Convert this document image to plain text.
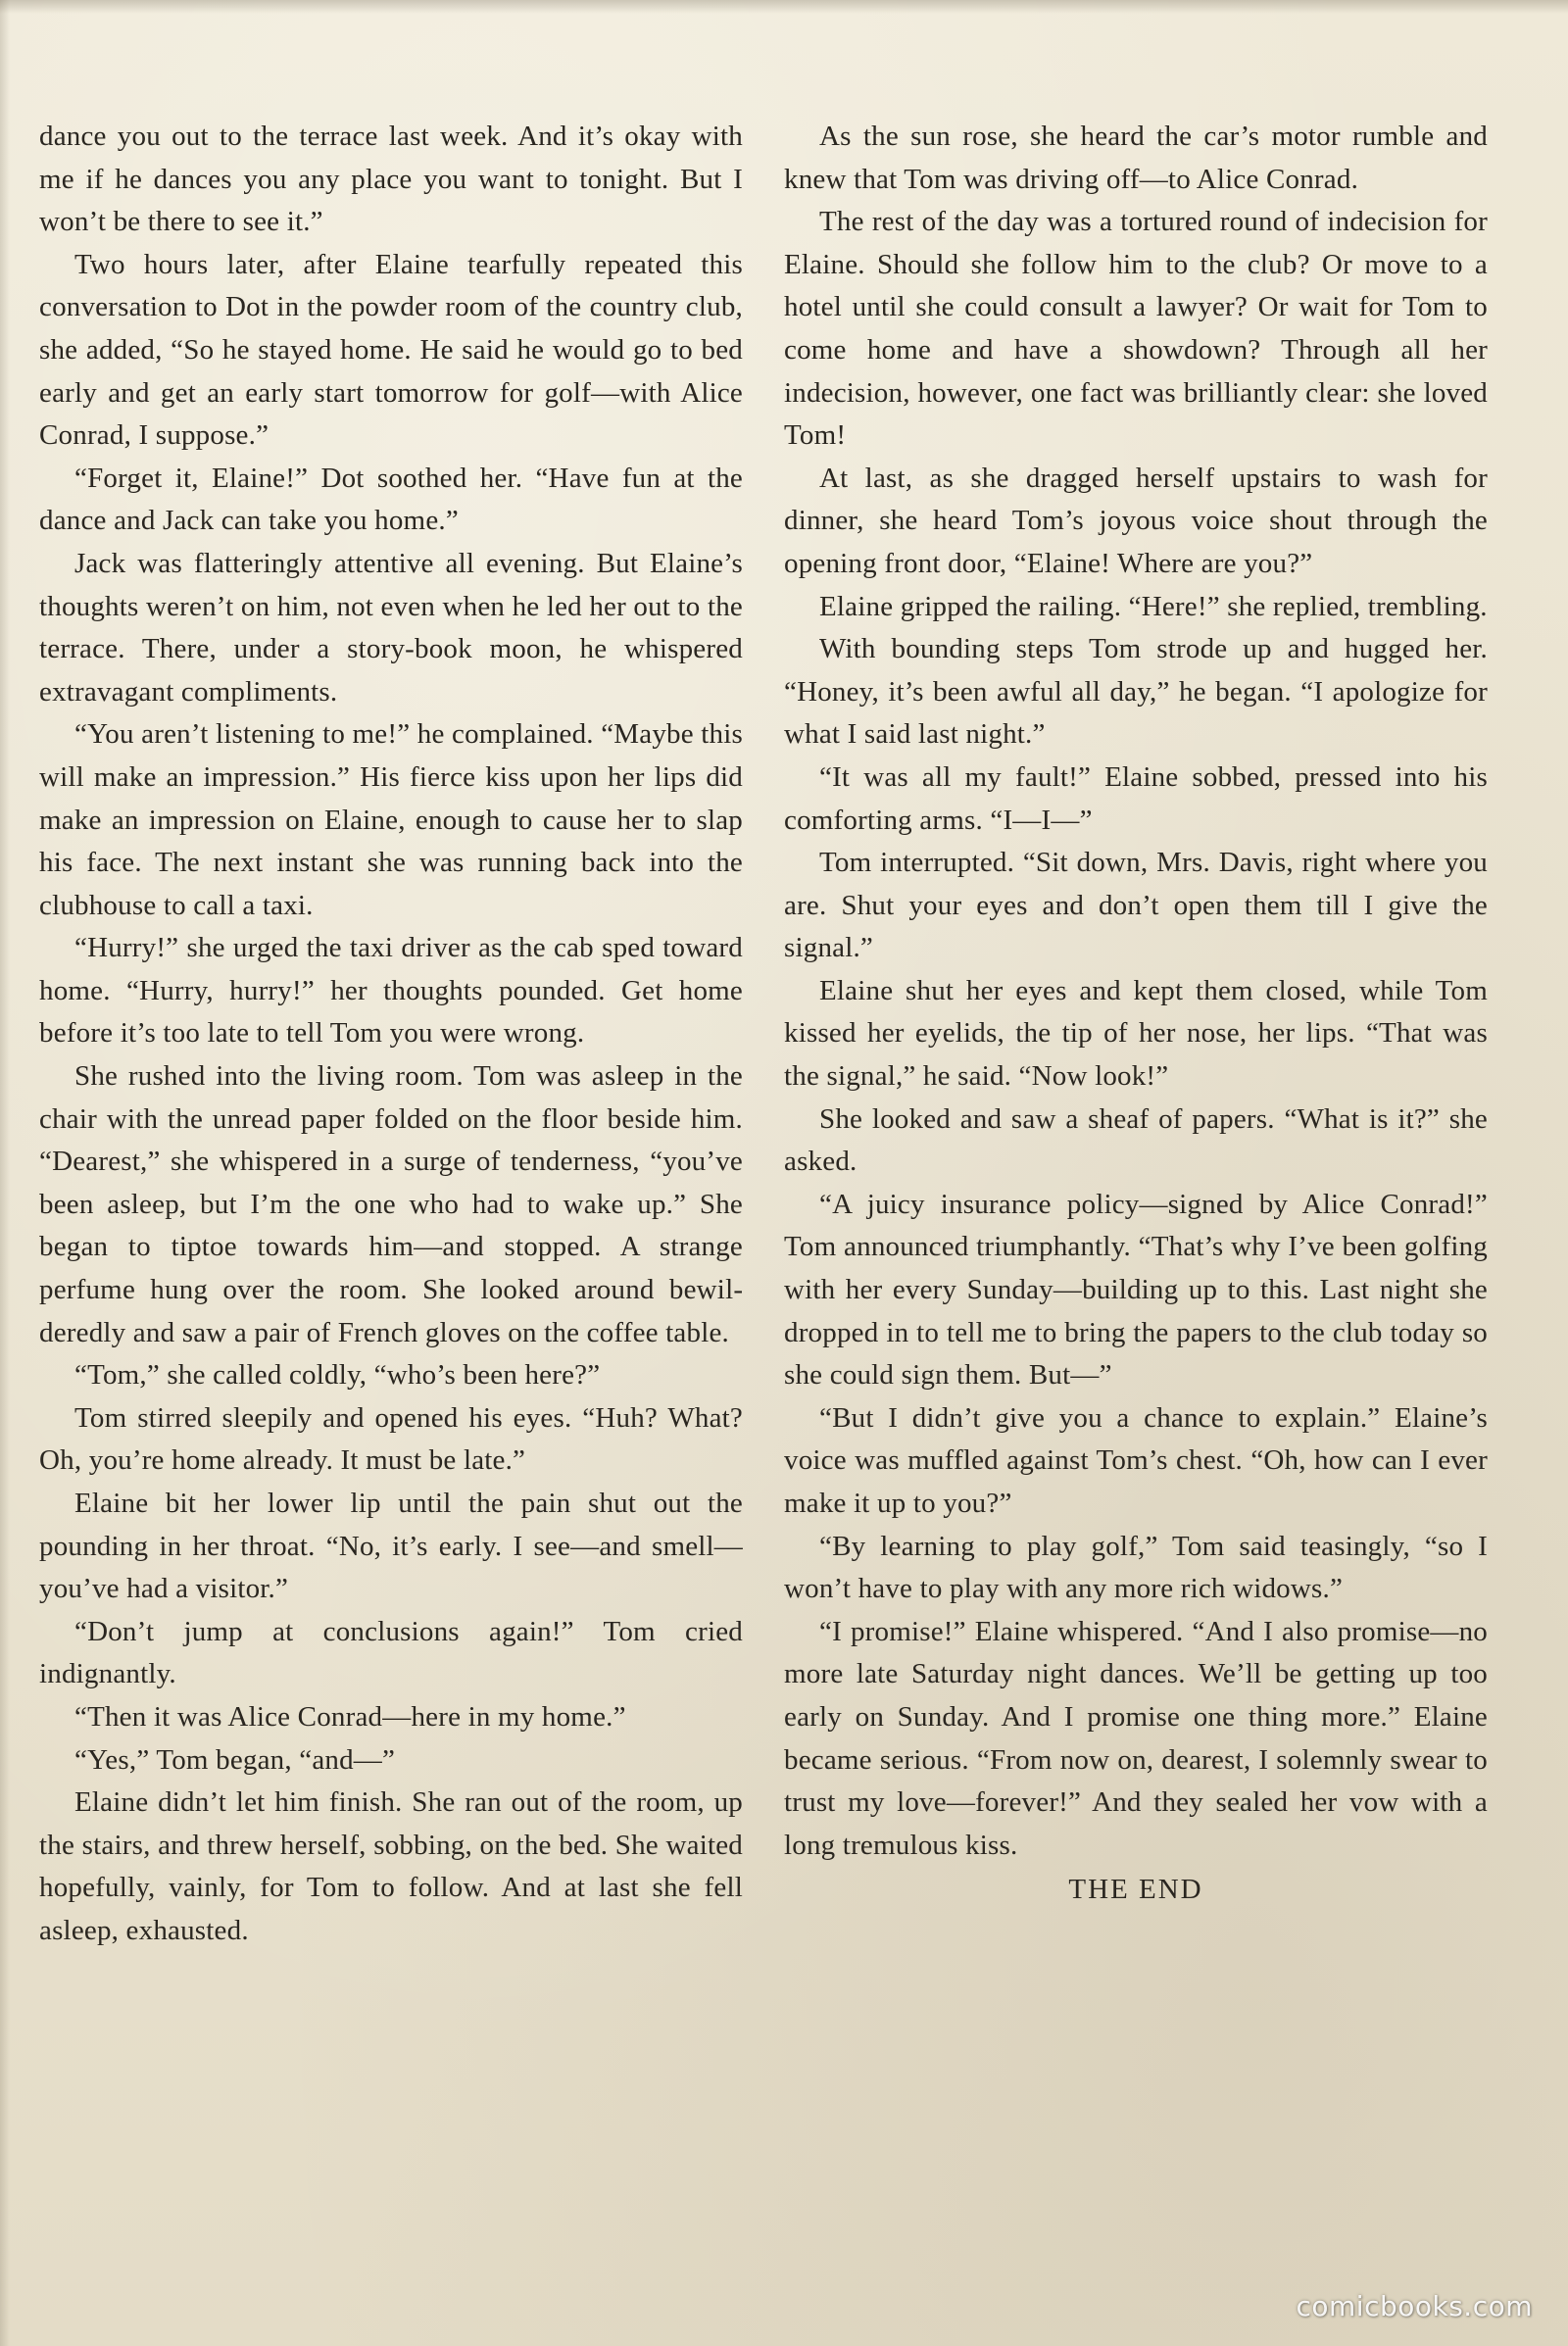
dance you out to the terrace last week. And it’s okay with me if he dances you any place you want to tonight. But I won’t be there to see it.”

Two hours later, after Elaine tearfully repeated this conversation to Dot in the powder room of the country club, she added, “So he stayed home. He said he would go to bed early and get an early start tomorrow for golf—with Alice Conrad, I suppose.”

“Forget it, Elaine!” Dot soothed her. “Have fun at the dance and Jack can take you home.”

Jack was flatteringly attentive all evening. But Elaine’s thoughts weren’t on him, not even when he led her out to the terrace. There, under a story-book moon, he whispered extravagant compliments.

“You aren’t listening to me!” he complained. “Maybe this will make an impression.” His fierce kiss upon her lips did make an impression on Elaine, enough to cause her to slap his face. The next instant she was running back into the clubhouse to call a taxi.

“Hurry!” she urged the taxi driver as the cab sped toward home. “Hurry, hurry!” her thoughts pounded. Get home before it’s too late to tell Tom you were wrong.

She rushed into the living room. Tom was asleep in the chair with the unread paper folded on the floor beside him. “Dearest,” she whispered in a surge of tenderness, “you’ve been asleep, but I’m the one who had to wake up.” She began to tiptoe towards him—and stopped. A strange perfume hung over the room. She looked around bewilderedly and saw a pair of French gloves on the coffee table.

“Tom,” she called coldly, “who’s been here?”

Tom stirred sleepily and opened his eyes. “Huh? What? Oh, you’re home already. It must be late.”

Elaine bit her lower lip until the pain shut out the pounding in her throat. “No, it’s early. I see—and smell—you’ve had a visitor.”

“Don’t jump at conclusions again!” Tom cried indignantly.

“Then it was Alice Conrad—here in my home.”

“Yes,” Tom began, “and—”

Elaine didn’t let him finish. She ran out of the room, up the stairs, and threw herself, sobbing, on the bed. She waited hopefully, vainly, for Tom to follow. And at last she fell asleep, exhausted.

As the sun rose, she heard the car’s motor rumble and knew that Tom was driving off—to Alice Conrad.

The rest of the day was a tortured round of indecision for Elaine. Should she follow him to the club? Or move to a hotel until she could consult a lawyer? Or wait for Tom to come home and have a showdown? Through all her indecision, however, one fact was brilliantly clear: she loved Tom!

At last, as she dragged herself upstairs to wash for dinner, she heard Tom’s joyous voice shout through the opening front door, “Elaine! Where are you?”

Elaine gripped the railing. “Here!” she replied, trembling.

With bounding steps Tom strode up and hugged her. “Honey, it’s been awful all day,” he began. “I apologize for what I said last night.”

“It was all my fault!” Elaine sobbed, pressed into his comforting arms. “I—I—”

Tom interrupted. “Sit down, Mrs. Davis, right where you are. Shut your eyes and don’t open them till I give the signal.”

Elaine shut her eyes and kept them closed, while Tom kissed her eyelids, the tip of her nose, her lips. “That was the signal,” he said. “Now look!”

She looked and saw a sheaf of papers. “What is it?” she asked.

“A juicy insurance policy—signed by Alice Conrad!” Tom announced triumphantly. “That’s why I’ve been golfing with her every Sunday—building up to this. Last night she dropped in to tell me to bring the papers to the club today so she could sign them. But—”

“But I didn’t give you a chance to explain.” Elaine’s voice was muffled against Tom’s chest. “Oh, how can I ever make it up to you?”

“By learning to play golf,” Tom said teasingly, “so I won’t have to play with any more rich widows.”

“I promise!” Elaine whispered. “And I also promise—no more late Saturday night dances. We’ll be getting up too early on Sunday. And I promise one thing more.” Elaine became serious. “From now on, dearest, I solemnly swear to trust my love—forever!” And they sealed her vow with a long tremulous kiss.

THE END

comicbooks.com
